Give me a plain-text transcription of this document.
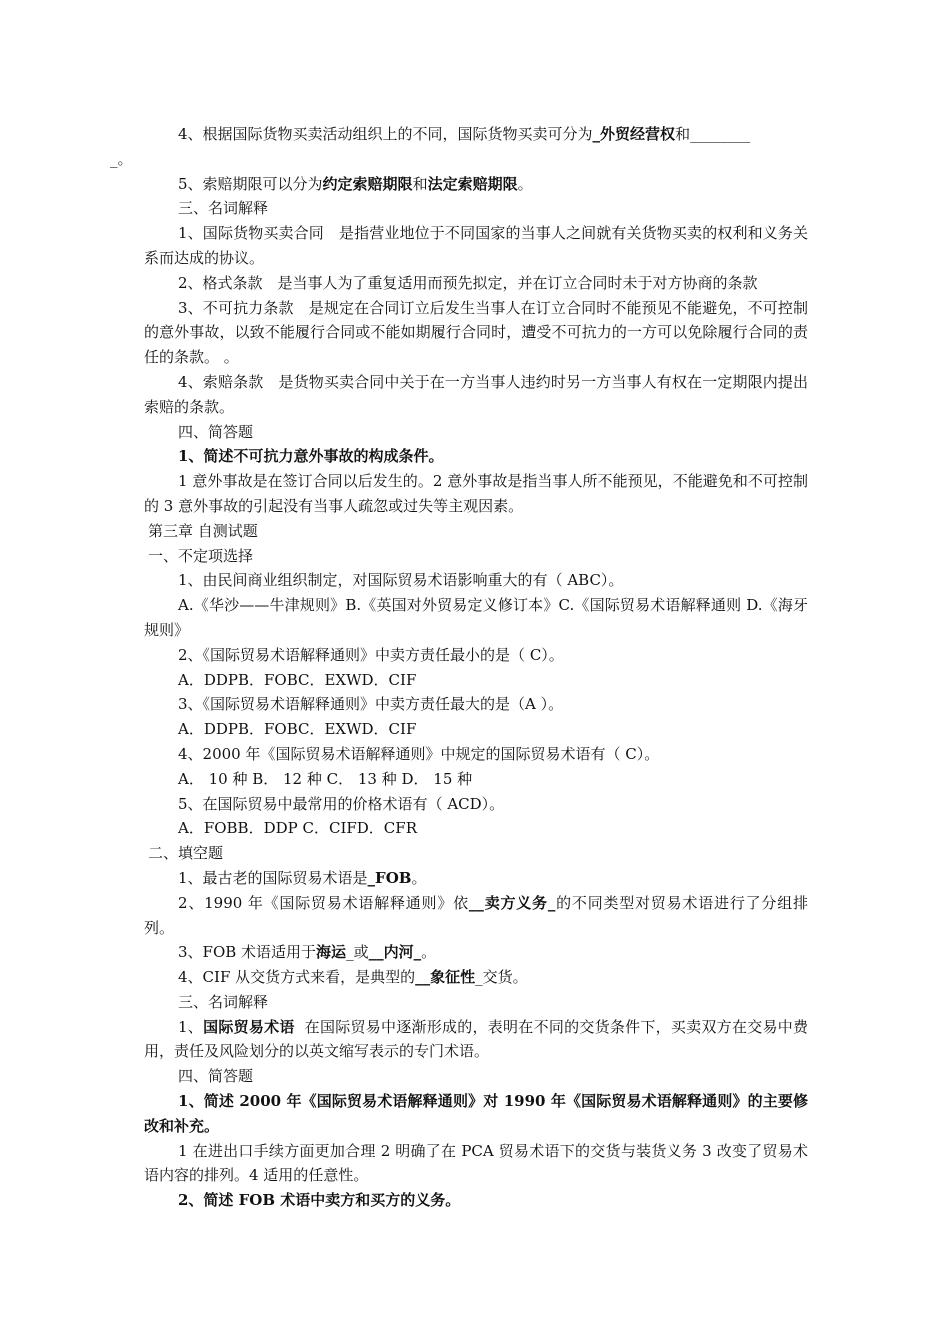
4、根据国际货物买卖活动组织上的不同，国际货物买卖可分为_外贸经营权和________
_。

5、索赔期限可以分为约定索赔期限和法定索赔期限。

三、名词解释

1、国际货物买卖合同　是指营业地位于不同国家的当事人之间就有关货物买卖的权利和义务关系而达成的协议。

2、格式条款　是当事人为了重复适用而预先拟定，并在订立合同时未于对方协商的条款

3、不可抗力条款　是规定在合同订立后发生当事人在订立合同时不能预见不能避免，不可控制的意外事故，以致不能履行合同或不能如期履行合同时，遭受不可抗力的一方可以免除履行合同的责任的条款。 。

4、索赔条款　是货物买卖合同中关于在一方当事人违约时另一方当事人有权在一定期限内提出索赔的条款。

四、简答题

1、简述不可抗力意外事故的构成条件。

1 意外事故是在签订合同以后发生的。2 意外事故是指当事人所不能预见，不能避免和不可控制的 3 意外事故的引起没有当事人疏忽或过失等主观因素。

第三章 自测试题

一、不定项选择

1、由民间商业组织制定，对国际贸易术语影响重大的有（ ABC）。

A.《华沙——牛津规则》B.《英国对外贸易定义修订本》C.《国际贸易术语解释通则 D.《海牙规则》

2、《国际贸易术语解释通则》中卖方责任最小的是（ C）。

A．DDPB．FOBC．EXWD．CIF

3、《国际贸易术语解释通则》中卖方责任最大的是（A ）。

A．DDPB．FOBC．EXWD．CIF

4、2000 年《国际贸易术语解释通则》中规定的国际贸易术语有（ C）。

A． 10 种 B． 12 种 C． 13 种 D． 15 种

5、在国际贸易中最常用的价格术语有（ ACD）。

A．FOBB．DDP C．CIFD．CFR

二、填空题

1、最古老的国际贸易术语是_FOB。

2、1990 年《国际贸易术语解释通则》依__卖方义务_的不同类型对贸易术语进行了分组排列。

3、FOB 术语适用于海运_或__内河_。

4、CIF 从交货方式来看，是典型的__象征性_交货。

三、名词解释

1、国际贸易术语  在国际贸易中逐渐形成的，表明在不同的交货条件下，买卖双方在交易中费用，责任及风险划分的以英文缩写表示的专门术语。

四、简答题

1、简述 2000 年《国际贸易术语解释通则》对 1990 年《国际贸易术语解释通则》的主要修改和补充。

1 在进出口手续方面更加合理 2 明确了在 PCA 贸易术语下的交货与装货义务 3 改变了贸易术语内容的排列。4 适用的任意性。

2、简述 FOB 术语中卖方和买方的义务。
